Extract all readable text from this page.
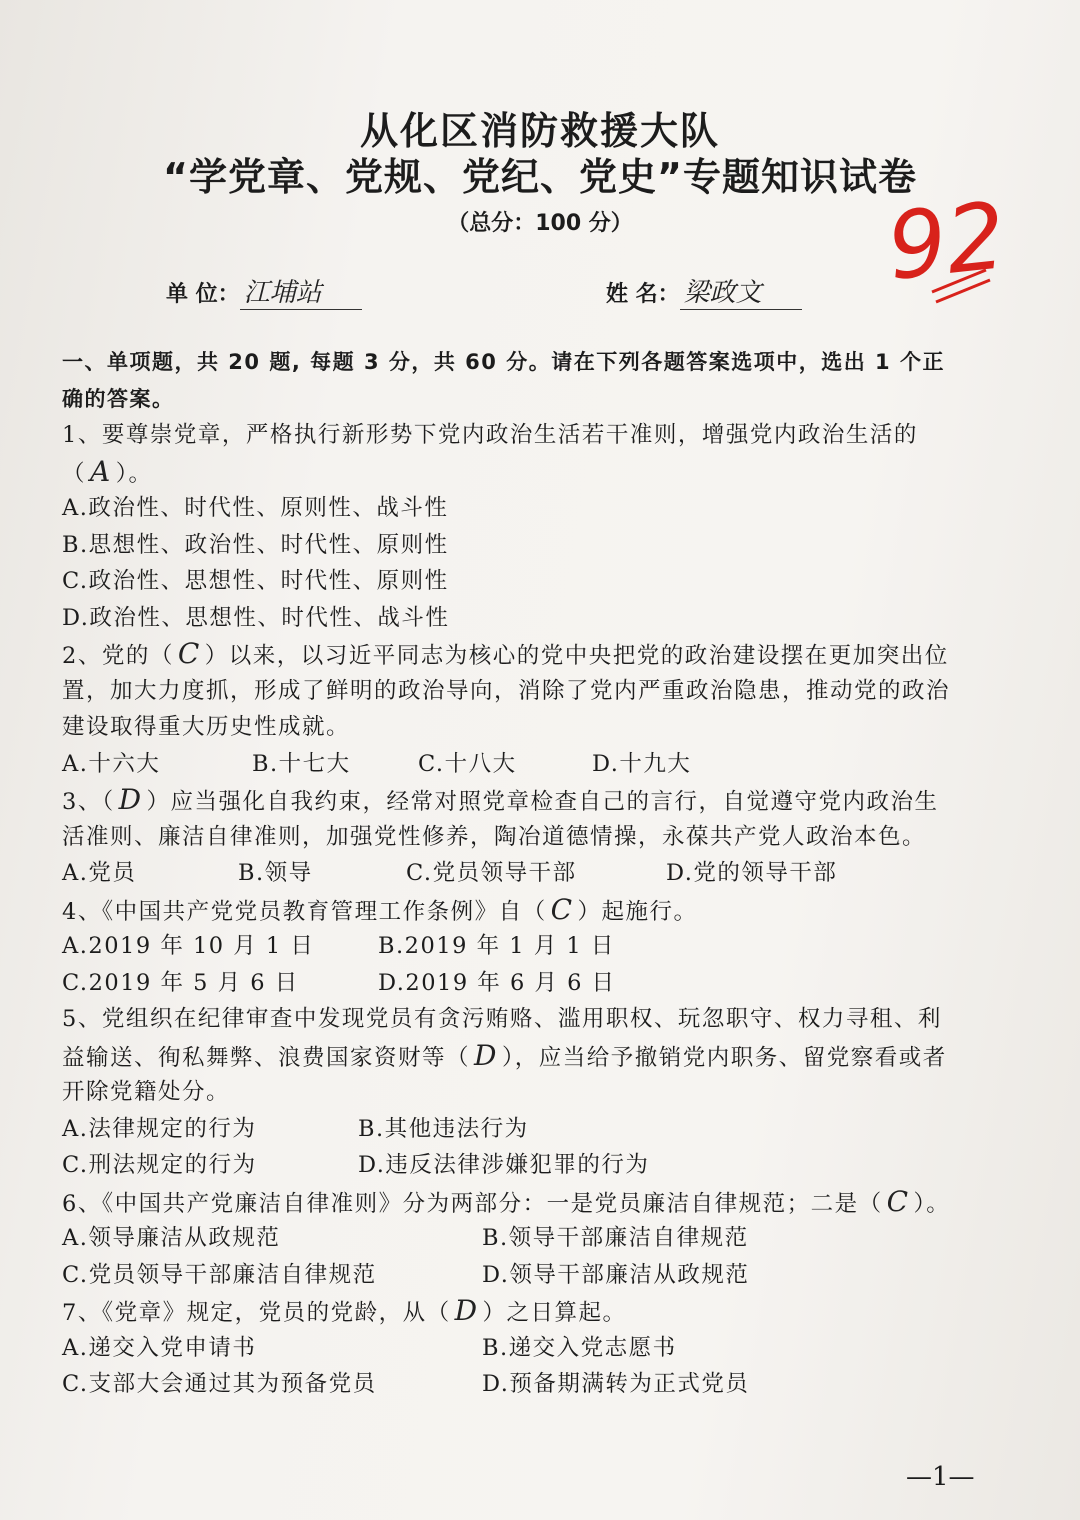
从化区消防救援大队
“学党章、党规、党纪、党史”专题知识试卷
（总分：100 分）
单 位： 江埔站	姓 名： 梁政文	92
一、单项题，共 20 题, 每题 3 分，共 60 分。请在下列各题答案选项中，选出 1 个正
确的答案。
1、要尊崇党章，严格执行新形势下党内政治生活若干准则，增强党内政治生活的
（ A ）。
A.政治性、时代性、原则性、战斗性
B.思想性、政治性、时代性、原则性
C.政治性、思想性、时代性、原则性
D.政治性、思想性、时代性、战斗性
2、党的（ C ）以来，以习近平同志为核心的党中央把党的政治建设摆在更加突出位
置，加大力度抓，形成了鲜明的政治导向，消除了党内严重政治隐患，推动党的政治
建设取得重大历史性成就。
A.十六大	B.十七大	C.十八大	D.十九大
3、（ D ）应当强化自我约束，经常对照党章检查自己的言行，自觉遵守党内政治生
活准则、廉洁自律准则，加强党性修养，陶冶道德情操，永葆共产党人政治本色。
A.党员	B.领导	C.党员领导干部	D.党的领导干部
4、《中国共产党党员教育管理工作条例》自（ C ）起施行。
A.2019 年 10 月 1 日	B.2019 年 1 月 1 日
C.2019 年 5 月 6 日	D.2019 年 6 月 6 日
5、党组织在纪律审查中发现党员有贪污贿赂、滥用职权、玩忽职守、权力寻租、利
益输送、徇私舞弊、浪费国家资财等（ D ），应当给予撤销党内职务、留党察看或者
开除党籍处分。
A.法律规定的行为	B.其他违法行为
C.刑法规定的行为	D.违反法律涉嫌犯罪的行为
6、《中国共产党廉洁自律准则》分为两部分：一是党员廉洁自律规范；二是（ C ）。
A.领导廉洁从政规范	B.领导干部廉洁自律规范
C.党员领导干部廉洁自律规范	D.领导干部廉洁从政规范
7、《党章》规定，党员的党龄，从（ D ）之日算起。
A.递交入党申请书	B.递交入党志愿书
C.支部大会通过其为预备党员	D.预备期满转为正式党员
—1—
